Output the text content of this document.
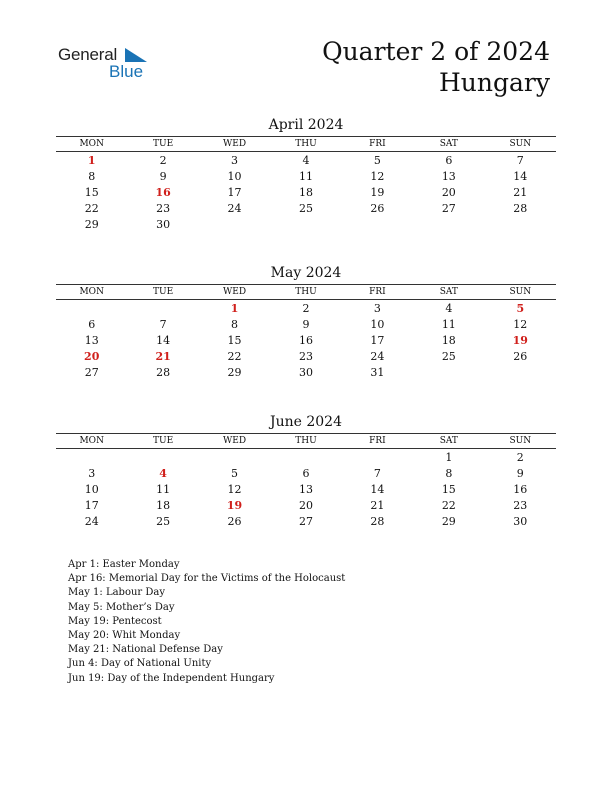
General
Blue
Quarter 2 of 2024
Hungary
April 2024
MON	TUE	WED	THU	FRI	SAT	SUN
1	2	3	4	5	6	7
8	9	10	11	12	13	14
15	16	17	18	19	20	21
22	23	24	25	26	27	28
29	30					
May 2024
MON	TUE	WED	THU	FRI	SAT	SUN
		1	2	3	4	5
6	7	8	9	10	11	12
13	14	15	16	17	18	19
20	21	22	23	24	25	26
27	28	29	30	31		
June 2024
MON	TUE	WED	THU	FRI	SAT	SUN
					1	2
3	4	5	6	7	8	9
10	11	12	13	14	15	16
17	18	19	20	21	22	23
24	25	26	27	28	29	30
Apr 1: Easter Monday
Apr 16: Memorial Day for the Victims of the Holocaust
May 1: Labour Day
May 5: Mother’s Day
May 19: Pentecost
May 20: Whit Monday
May 21: National Defense Day
Jun 4: Day of National Unity
Jun 19: Day of the Independent Hungary
